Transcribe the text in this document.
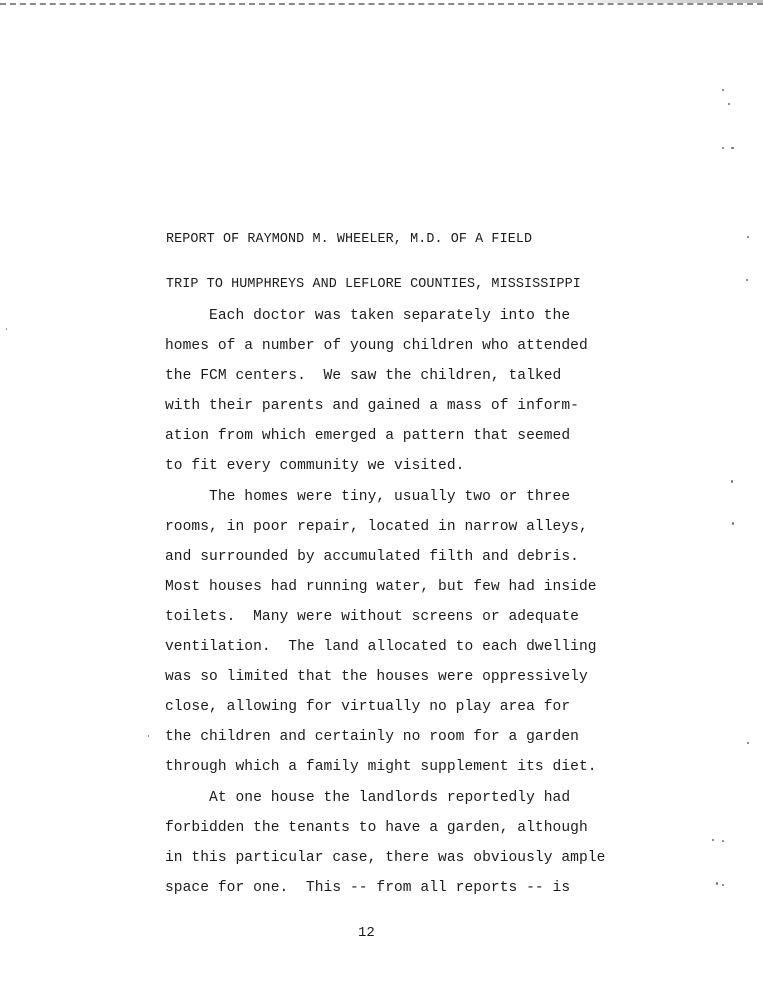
REPORT OF RAYMOND M. WHEELER, M.D. OF A FIELD

TRIP TO HUMPHREYS AND LEFLORE COUNTIES, MISSISSIPPI

Each doctor was taken separately into the
homes of a number of young children who attended
the FCM centers.  We saw the children, talked
with their parents and gained a mass of inform-
ation from which emerged a pattern that seemed
to fit every community we visited.
The homes were tiny, usually two or three
rooms, in poor repair, located in narrow alleys,
and surrounded by accumulated filth and debris.
Most houses had running water, but few had inside
toilets.  Many were without screens or adequate
ventilation.  The land allocated to each dwelling
was so limited that the houses were oppressively
close, allowing for virtually no play area for
the children and certainly no room for a garden
through which a family might supplement its diet.
At one house the landlords reportedly had
forbidden the tenants to have a garden, although
in this particular case, there was obviously ample
space for one.  This -- from all reports -- is
12
